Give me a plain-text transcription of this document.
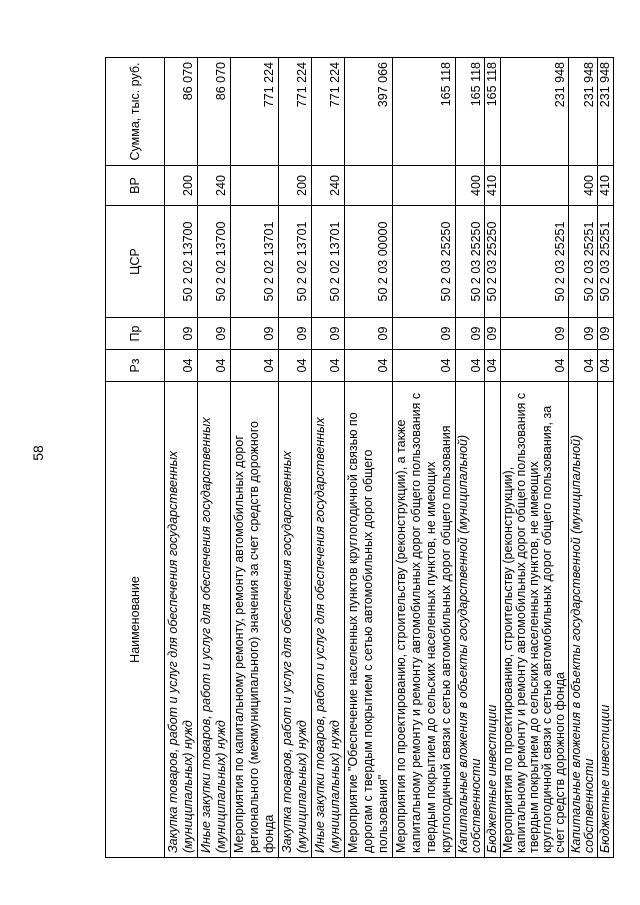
58
Наименование	Рз	Пр	ЦСР	ВР	Сумма, тыс. руб.
Закупка товаров, работ и услуг для обеспечения государственных (муниципальных) нужд	04	09	50 2 02 13700	200	86 070
Иные закупки товаров, работ и услуг для обеспечения государственных (муниципальных) нужд	04	09	50 2 02 13700	240	86 070
Мероприятия по капитальному ремонту, ремонту автомобильных дорог регионального (межмуниципального) значения за счет средств дорожного фонда	04	09	50 2 02 13701		771 224
Закупка товаров, работ и услуг для обеспечения государственных (муниципальных) нужд	04	09	50 2 02 13701	200	771 224
Иные закупки товаров, работ и услуг для обеспечения государственных (муниципальных) нужд	04	09	50 2 02 13701	240	771 224
Мероприятие "Обеспечение населенных пунктов круглогодичной связью по дорогам с твердым покрытием с сетью автомобильных дорог общего пользования"	04	09	50 2 03 00000		397 066
Мероприятия по проектированию, строительству (реконструкции), а также капитальному ремонту и ремонту автомобильных дорог общего пользования с твердым покрытием до сельских населенных пунктов, не имеющих круглогодичной связи с сетью автомобильных дорог общего пользования	04	09	50 2 03 25250		165 118
Капитальные вложения в объекты государственной (муниципальной) собственности	04	09	50 2 03 25250	400	165 118
Бюджетные инвестиции	04	09	50 2 03 25250	410	165 118
Мероприятия по проектированию, строительству (реконструкции), капитальному ремонту и ремонту автомобильных дорог общего пользования с твердым покрытием до сельских населенных пунктов, не имеющих круглогодичной связи с сетью автомобильных дорог общего пользования, за счет средств дорожного фонда	04	09	50 2 03 25251		231 948
Капитальные вложения в объекты государственной (муниципальной) собственности	04	09	50 2 03 25251	400	231 948
Бюджетные инвестиции	04	09	50 2 03 25251	410	231 948
